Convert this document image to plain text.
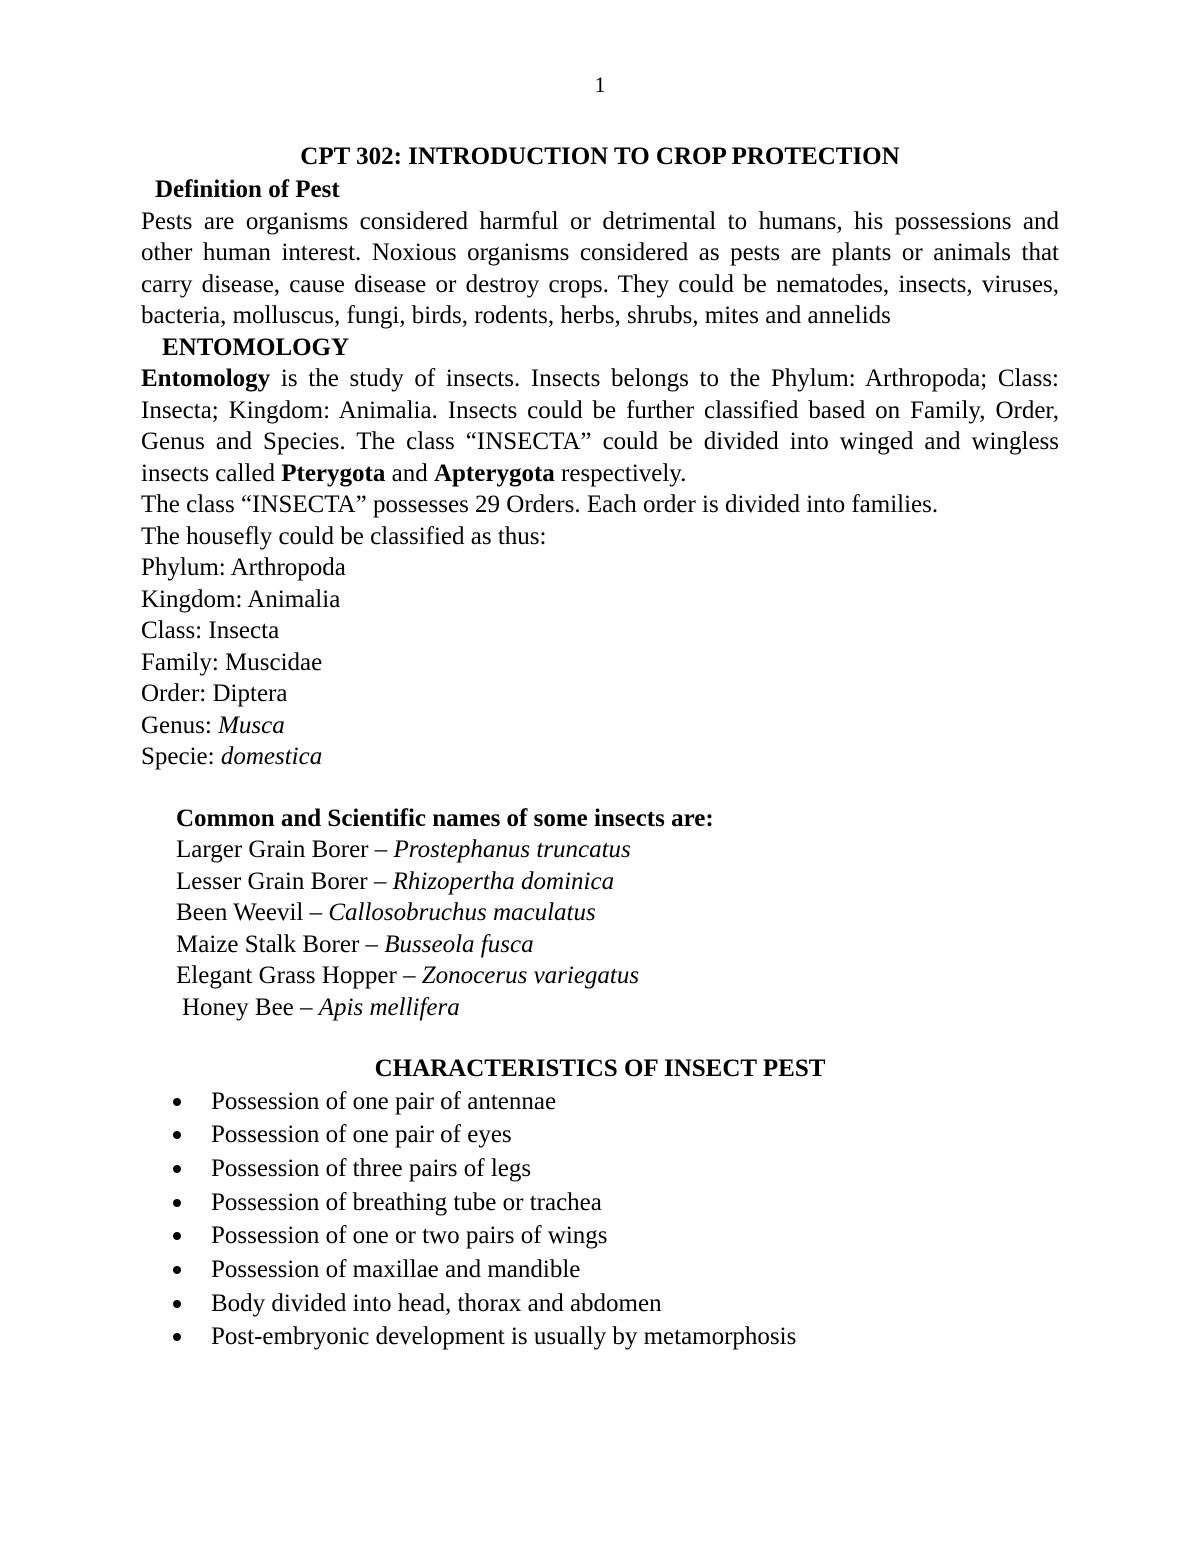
1
CPT 302: INTRODUCTION TO CROP PROTECTION
Definition of Pest
Pests are organisms considered harmful or detrimental to humans, his possessions and other human interest. Noxious organisms considered as pests are plants or animals that carry disease, cause disease or destroy crops. They could be nematodes, insects, viruses, bacteria, molluscus, fungi, birds, rodents, herbs, shrubs, mites and annelids
ENTOMOLOGY
Entomology is the study of insects. Insects belongs to the Phylum: Arthropoda; Class: Insecta; Kingdom: Animalia. Insects could be further classified based on Family, Order, Genus and Species. The class “INSECTA” could be divided into winged and wingless insects called Pterygota and Apterygota respectively.
The class “INSECTA” possesses 29 Orders. Each order is divided into families.
The housefly could be classified as thus:
Phylum: Arthropoda
Kingdom: Animalia
Class: Insecta
Family: Muscidae
Order: Diptera
Genus: Musca
Specie: domestica
Common and Scientific names of some insects are:
Larger Grain Borer – Prostephanus truncatus
Lesser Grain Borer – Rhizopertha dominica
Been Weevil – Callosobruchus maculatus
Maize Stalk Borer – Busseola fusca
Elegant Grass Hopper – Zonocerus variegatus
Honey Bee – Apis mellifera
CHARACTERISTICS OF INSECT PEST
Possession of one pair of antennae
Possession of one pair of eyes
Possession of three pairs of legs
Possession of breathing tube or trachea
Possession of one or two pairs of wings
Possession of maxillae and mandible
Body divided into head, thorax and abdomen
Post-embryonic development is usually by metamorphosis
